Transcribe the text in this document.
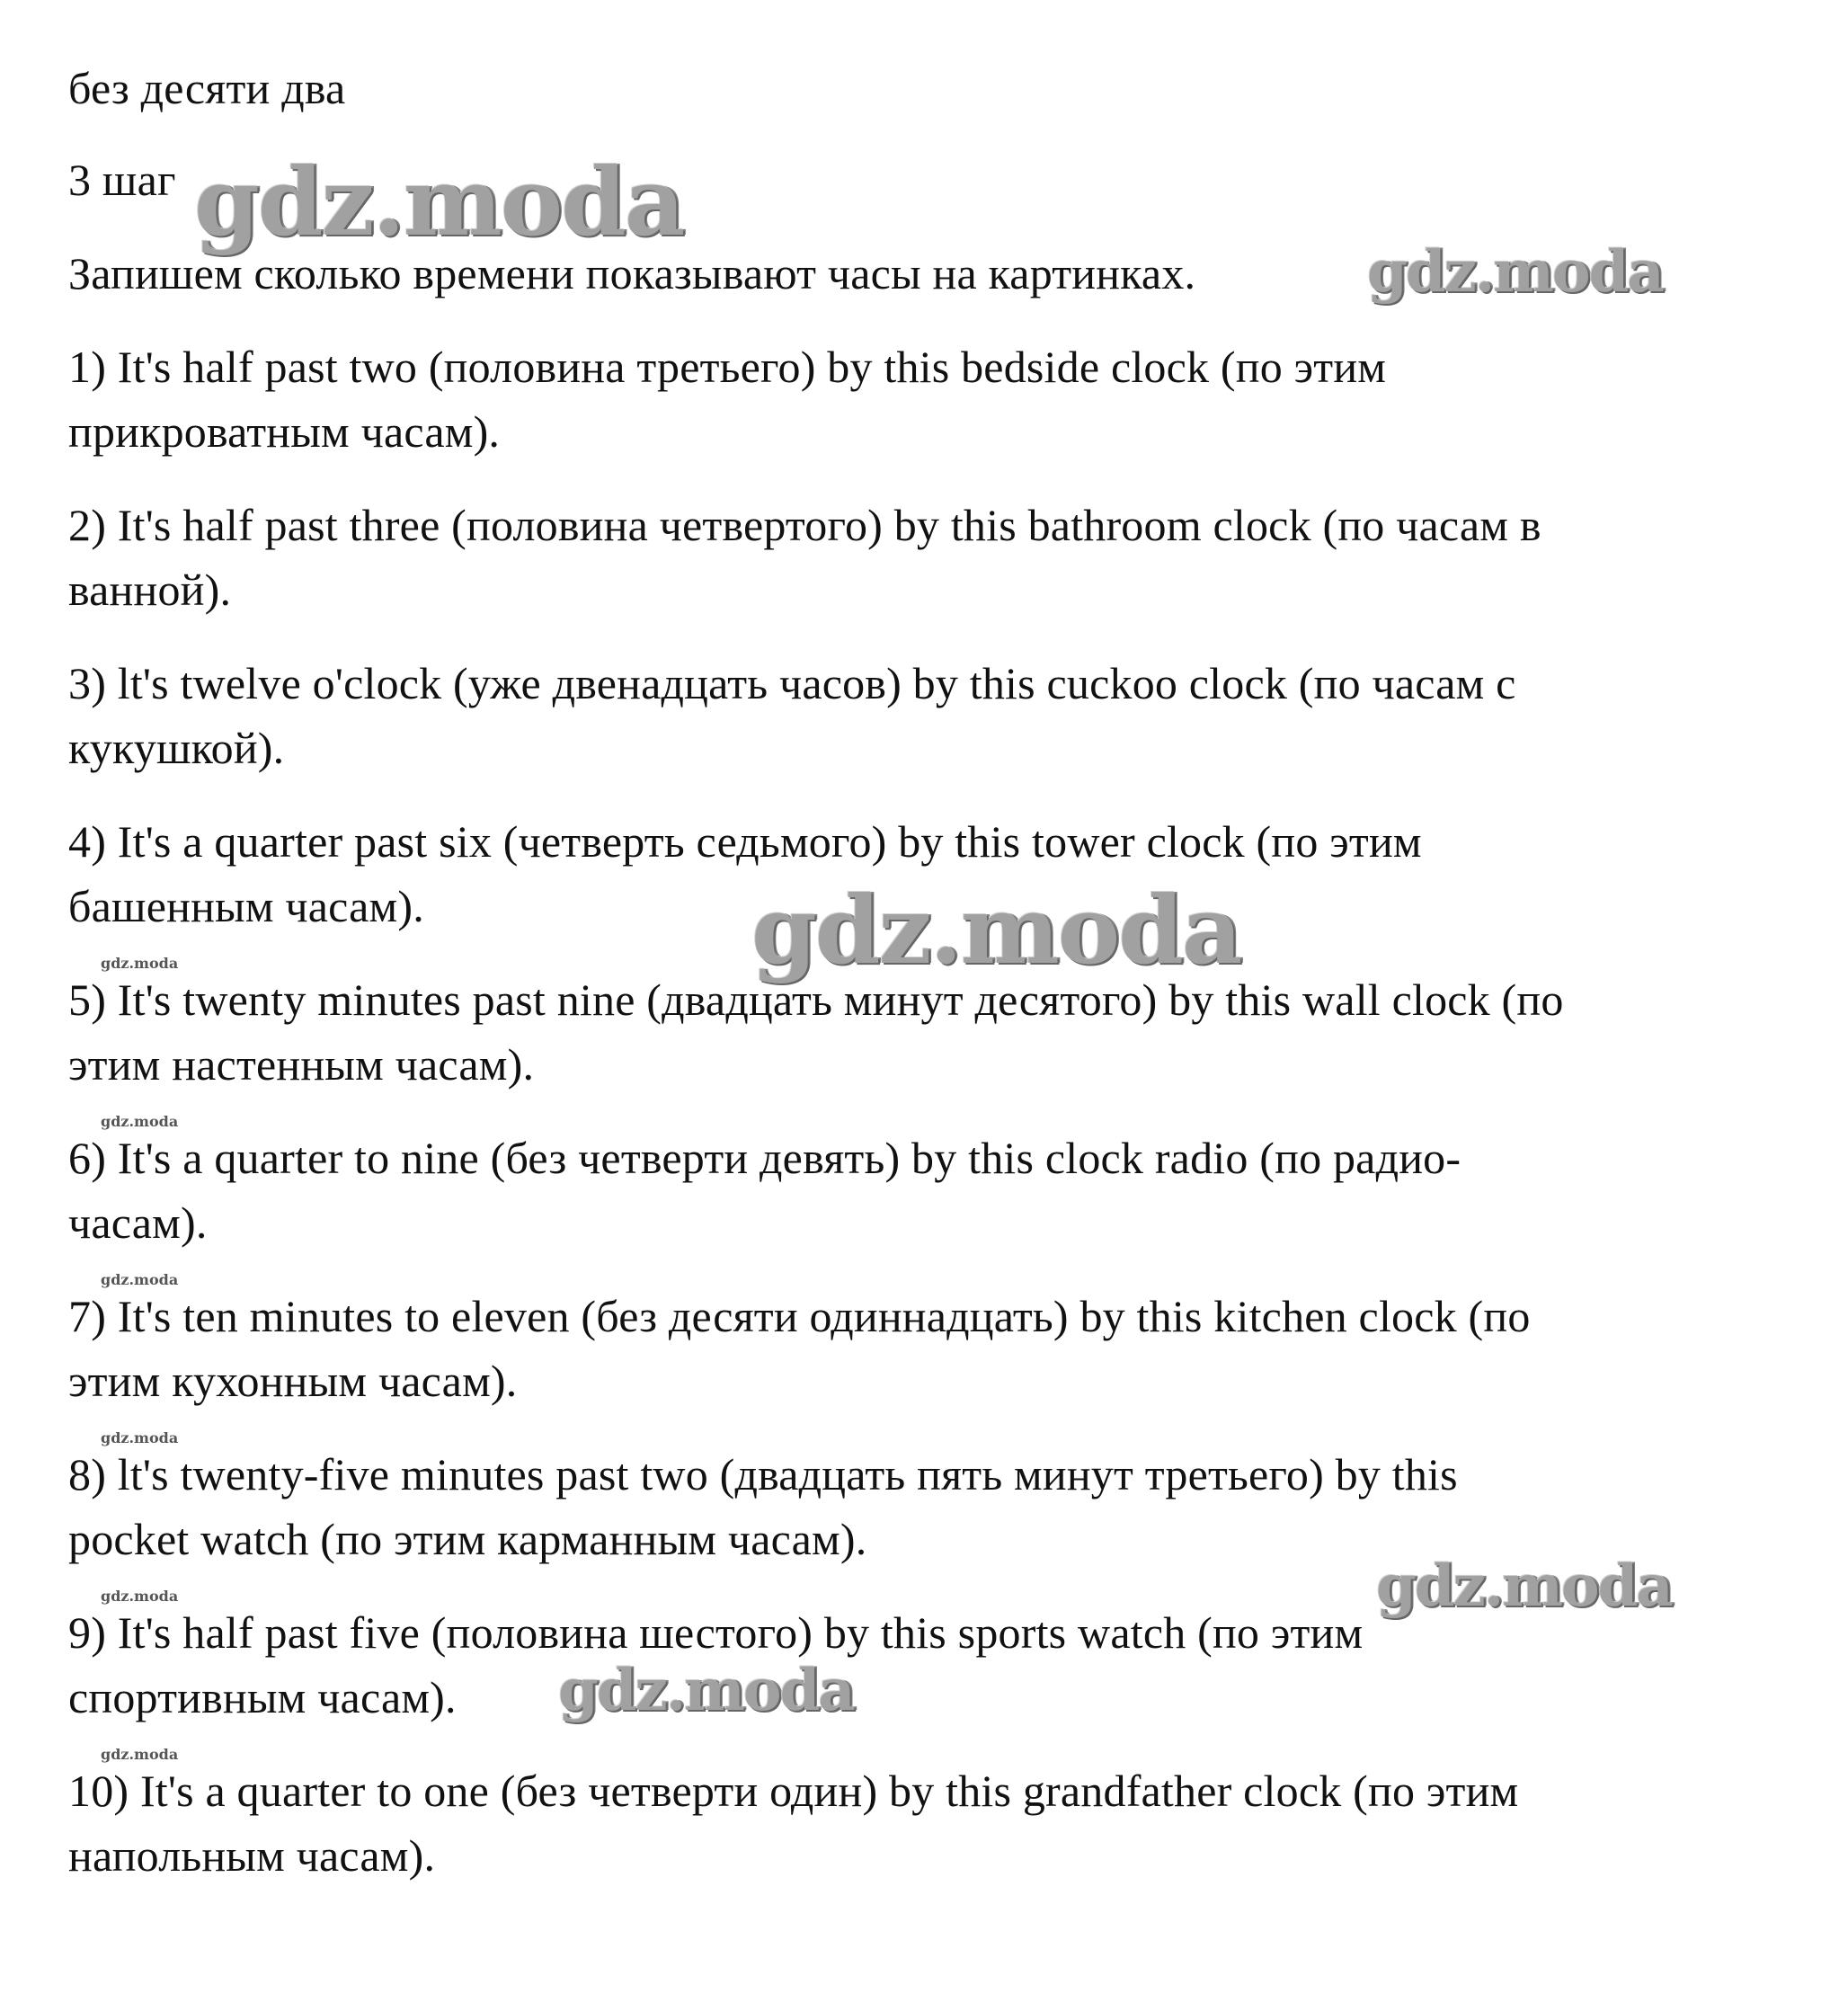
без десяти два
3 шаг
Запишем сколько времени показывают часы на картинках.
1) It's half past two (половина третьего) by this bedside clock (по этим
прикроватным часам).
2) It's half past three (половина четвертого) by this bathroom clock (по часам в
ванной).
3) lt's twelve o'clock (уже двенадцать часов) by this cuckoo clock (по часам с
кукушкой).
4) It's a quarter past six (четверть седьмого) by this tower clock (по этим
башенным часам).
5) It's twenty minutes past nine (двадцать минут десятого) by this wall clock (по
этим настенным часам).
6) It's a quarter to nine (без четверти девять) by this clock radio (по радио-
часам).
7) It's ten minutes to eleven (без десяти одиннадцать) by this kitchen clock (по
этим кухонным часам).
8) lt's twenty-five minutes past two (двадцать пять минут третьего) by this
pocket watch (по этим карманным часам).
9) It's half past five (половина шестого) by this sports watch (по этим
спортивным часам).
10) It's a quarter to one (без четверти один) by this grandfather clock (по этим
напольным часам).
gdz.moda
gdz.moda
gdz.moda
gdz.moda
gdz.moda
gdz.moda
gdz.moda
gdz.moda
gdz.moda
gdz.moda
gdz.moda
